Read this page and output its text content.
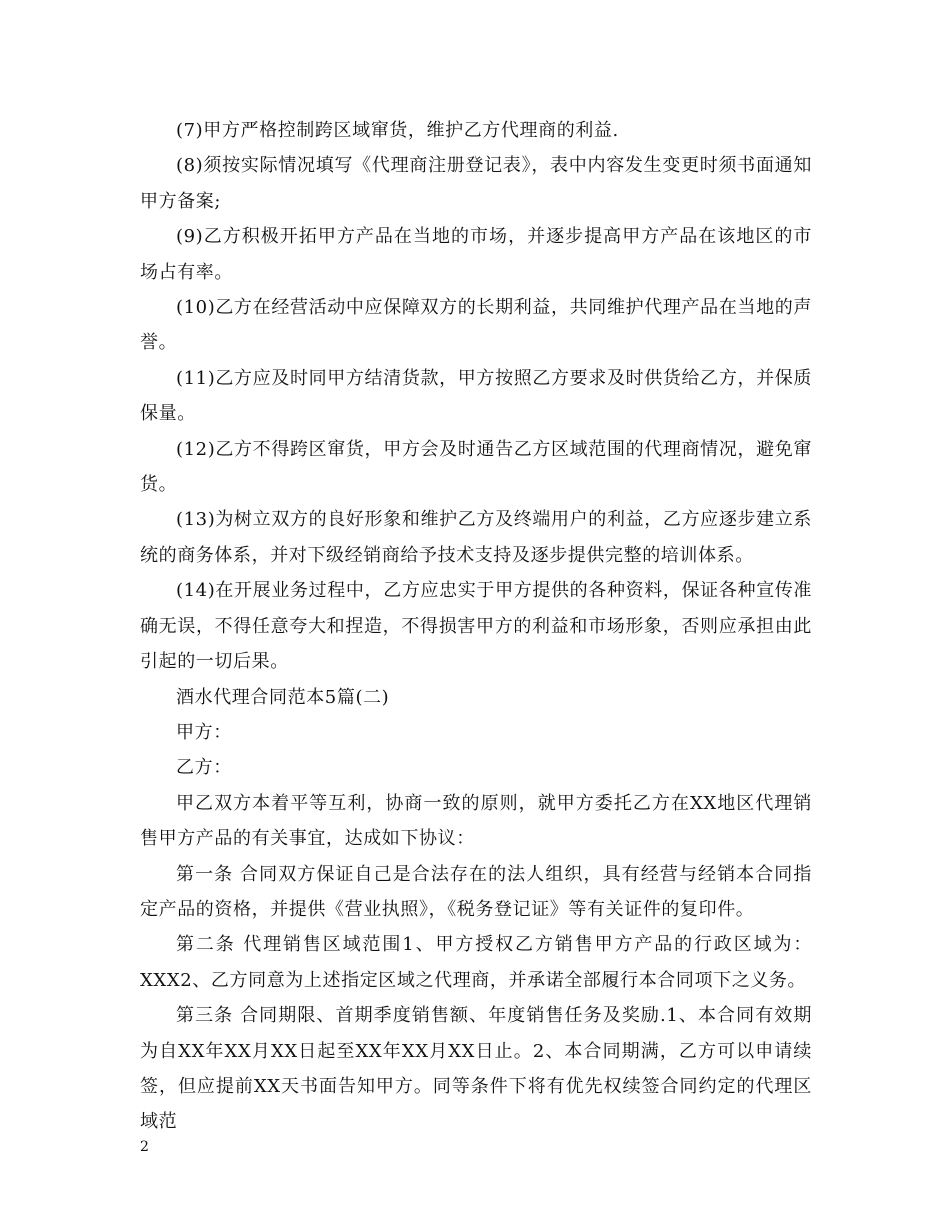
(7)甲方严格控制跨区域窜货，维护乙方代理商的利益.

(8)须按实际情况填写《代理商注册登记表》，表中内容发生变更时须书面通知甲方备案;

(9)乙方积极开拓甲方产品在当地的市场，并逐步提高甲方产品在该地区的市场占有率。

(10)乙方在经营活动中应保障双方的长期利益，共同维护代理产品在当地的声誉。

(11)乙方应及时同甲方结清货款，甲方按照乙方要求及时供货给乙方，并保质保量。

(12)乙方不得跨区窜货，甲方会及时通告乙方区域范围的代理商情况，避免窜货。

(13)为树立双方的良好形象和维护乙方及终端用户的利益，乙方应逐步建立系统的商务体系，并对下级经销商给予技术支持及逐步提供完整的培训体系。

(14)在开展业务过程中，乙方应忠实于甲方提供的各种资料，保证各种宣传准确无误，不得任意夸大和捏造，不得损害甲方的利益和市场形象，否则应承担由此引起的一切后果。

酒水代理合同范本5篇(二)

甲方：

乙方：

甲乙双方本着平等互利，协商一致的原则，就甲方委托乙方在XX地区代理销售甲方产品的有关事宜，达成如下协议：

第一条 合同双方保证自己是合法存在的法人组织，具有经营与经销本合同指定产品的资格，并提供《营业执照》，《税务登记证》等有关证件的复印件。

第二条 代理销售区域范围1、甲方授权乙方销售甲方产品的行政区域为：XXX2、乙方同意为上述指定区域之代理商，并承诺全部履行本合同项下之义务。

第三条 合同期限、首期季度销售额、年度销售任务及奖励.1、本合同有效期为自XX年XX月XX日起至XX年XX月XX日止。2、本合同期满，乙方可以申请续签，但应提前XX天书面告知甲方。同等条件下将有优先权续签合同约定的代理区域范

2
